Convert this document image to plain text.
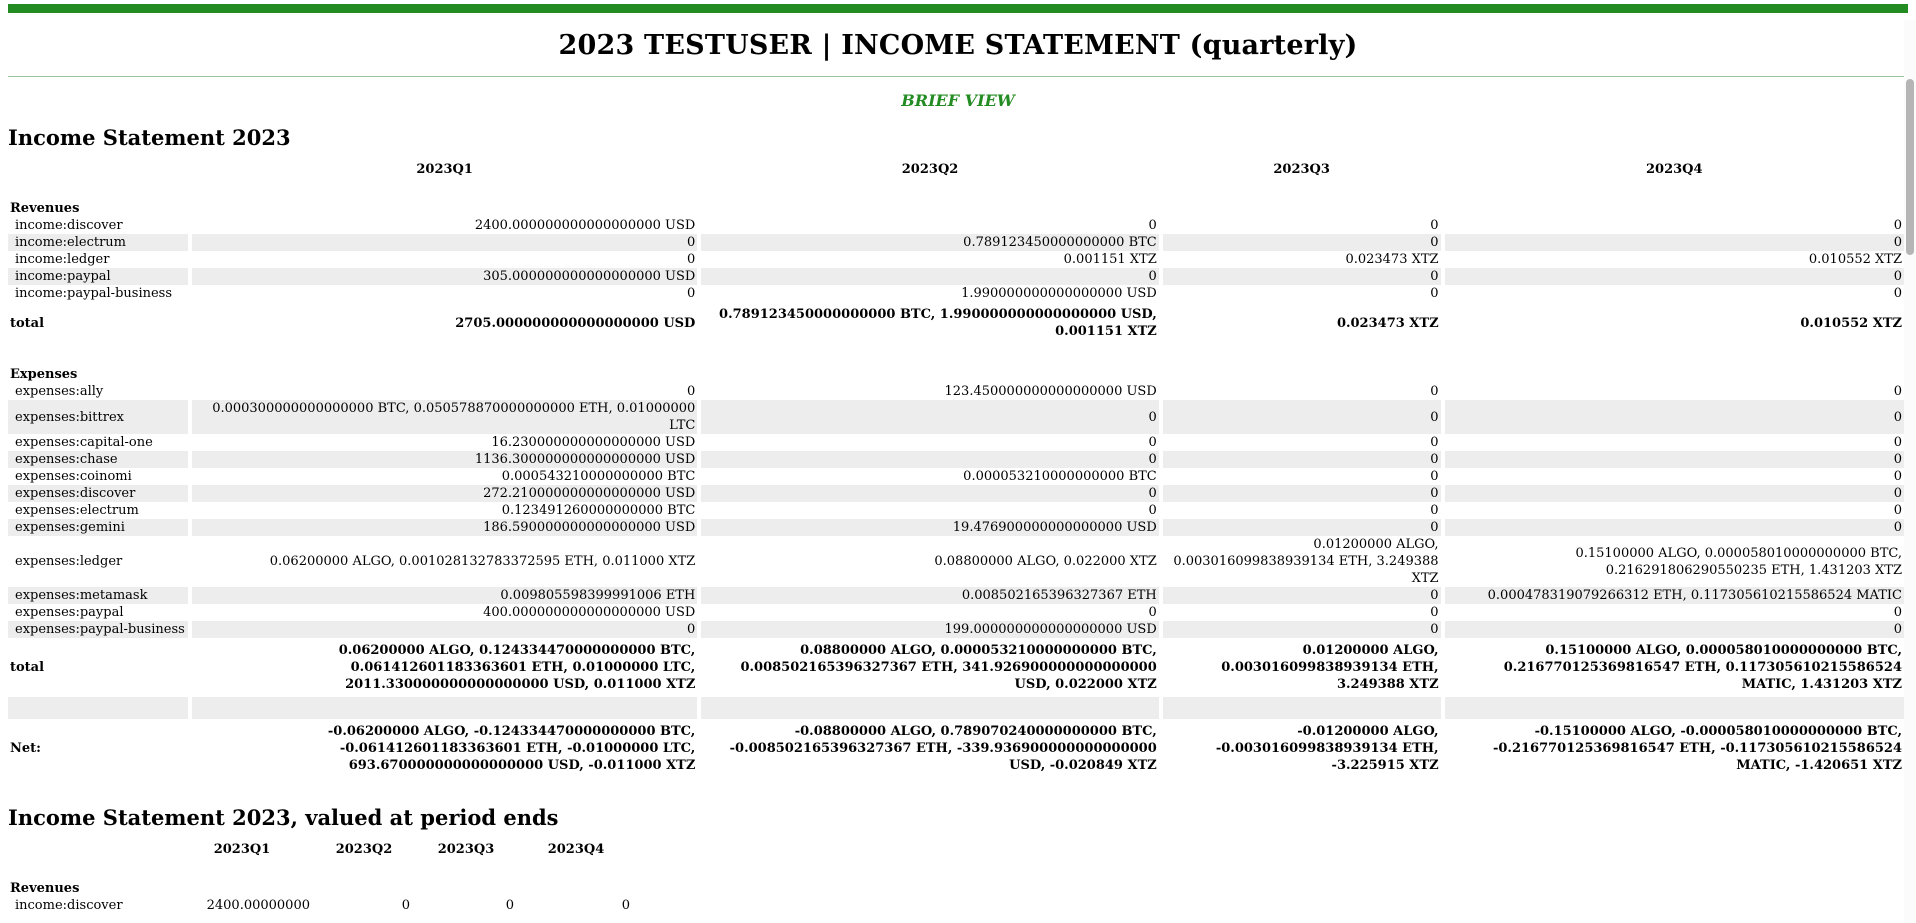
2023 TESTUSER | INCOME STATEMENT (quarterly)
BRIEF VIEW
Income Statement 2023
	2023Q1	2023Q2	2023Q3	2023Q4

Revenues				
income:discover	2400.000000000000000000 USD	0	0	0
income:electrum	0	0.789123450000000000 BTC	0	0
income:ledger	0	0.001151 XTZ	0.023473 XTZ	0.010552 XTZ
income:paypal	305.000000000000000000 USD	0	0	0
income:paypal-business	0	1.990000000000000000 USD	0	0
total	2705.000000000000000000 USD	0.789123450000000000 BTC, 1.990000000000000000 USD, 0.001151 XTZ	0.023473 XTZ	0.010552 XTZ

Expenses				
expenses:ally	0	123.450000000000000000 USD	0	0
expenses:bittrex	0.000300000000000000 BTC, 0.050578870000000000 ETH, 0.01000000 LTC	0	0	0
expenses:capital-one	16.230000000000000000 USD	0	0	0
expenses:chase	1136.300000000000000000 USD	0	0	0
expenses:coinomi	0.000543210000000000 BTC	0.000053210000000000 BTC	0	0
expenses:discover	272.210000000000000000 USD	0	0	0
expenses:electrum	0.123491260000000000 BTC	0	0	0
expenses:gemini	186.590000000000000000 USD	19.476900000000000000 USD	0	0
expenses:ledger	0.06200000 ALGO, 0.001028132783372595 ETH, 0.011000 XTZ	0.08800000 ALGO, 0.022000 XTZ	0.01200000 ALGO, 0.003016099838939134 ETH, 3.249388 XTZ	0.15100000 ALGO, 0.000058010000000000 BTC, 0.216291806290550235 ETH, 1.431203 XTZ
expenses:metamask	0.009805598399991006 ETH	0.008502165396327367 ETH	0	0.000478319079266312 ETH, 0.117305610215586524 MATIC
expenses:paypal	400.000000000000000000 USD	0	0	0
expenses:paypal-business	0	199.000000000000000000 USD	0	0
total	0.06200000 ALGO, 0.124334470000000000 BTC, 0.061412601183363601 ETH, 0.01000000 LTC, 2011.330000000000000000 USD, 0.011000 XTZ	0.08800000 ALGO, 0.000053210000000000 BTC, 0.008502165396327367 ETH, 341.926900000000000000 USD, 0.022000 XTZ	0.01200000 ALGO, 0.003016099838939134 ETH, 3.249388 XTZ	0.15100000 ALGO, 0.000058010000000000 BTC, 0.216770125369816547 ETH, 0.117305610215586524 MATIC, 1.431203 XTZ

Net:	-0.06200000 ALGO, -0.124334470000000000 BTC, -0.061412601183363601 ETH, -0.01000000 LTC, 693.670000000000000000 USD, -0.011000 XTZ	-0.08800000 ALGO, 0.789070240000000000 BTC, -0.008502165396327367 ETH, -339.936900000000000000 USD, -0.020849 XTZ	-0.01200000 ALGO, -0.003016099838939134 ETH, -3.225915 XTZ	-0.15100000 ALGO, -0.000058010000000000 BTC, -0.216770125369816547 ETH, -0.117305610215586524 MATIC, -1.420651 XTZ
Income Statement 2023, valued at period ends
	2023Q1	2023Q2	2023Q3	2023Q4

Revenues				
income:discover	2400.00000000	0	0	0
